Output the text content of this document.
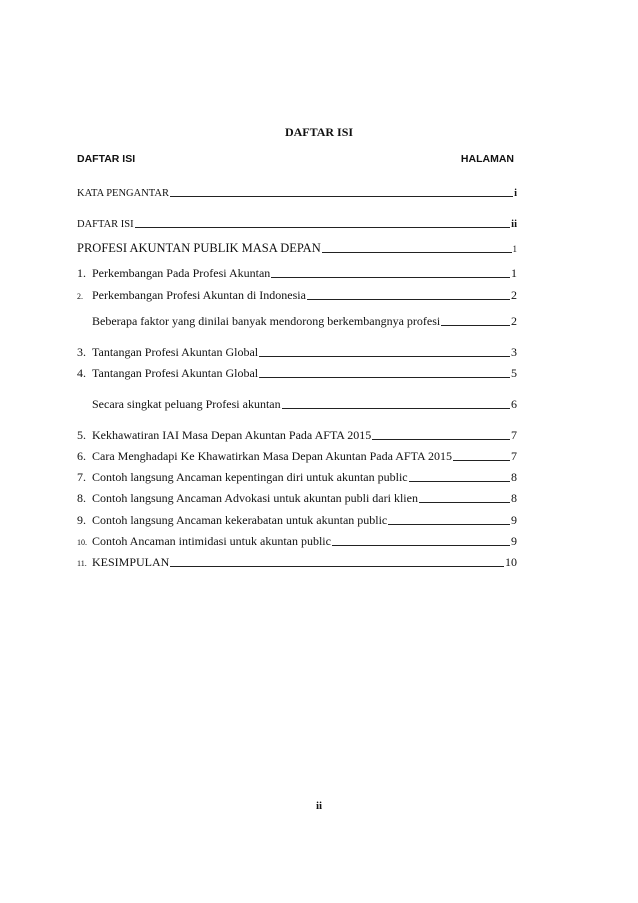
DAFTAR ISI
DAFTAR ISI	HALAMAN
KATA PENGANTAR	i
DAFTAR ISI	ii
PROFESI AKUNTAN PUBLIK MASA DEPAN	1
1. Perkembangan Pada Profesi Akuntan	1
2. Perkembangan Profesi Akuntan di Indonesia	2
Beberapa faktor yang dinilai banyak mendorong berkembangnya profesi	2
3. Tantangan Profesi Akuntan Global	3
4. Tantangan Profesi Akuntan Global	5
Secara singkat peluang Profesi akuntan	6
5. Kekhawatiran IAI Masa Depan Akuntan Pada AFTA 2015	7
6. Cara Menghadapi Ke Khawatirkan Masa Depan Akuntan Pada AFTA 2015	7
7. Contoh langsung Ancaman kepentingan diri untuk akuntan public	8
8. Contoh langsung Ancaman Advokasi untuk akuntan publi dari klien	8
9. Contoh langsung Ancaman kekerabatan untuk akuntan public	9
10. Contoh Ancaman intimidasi untuk akuntan public	9
11. KESIMPULAN	10
ii
